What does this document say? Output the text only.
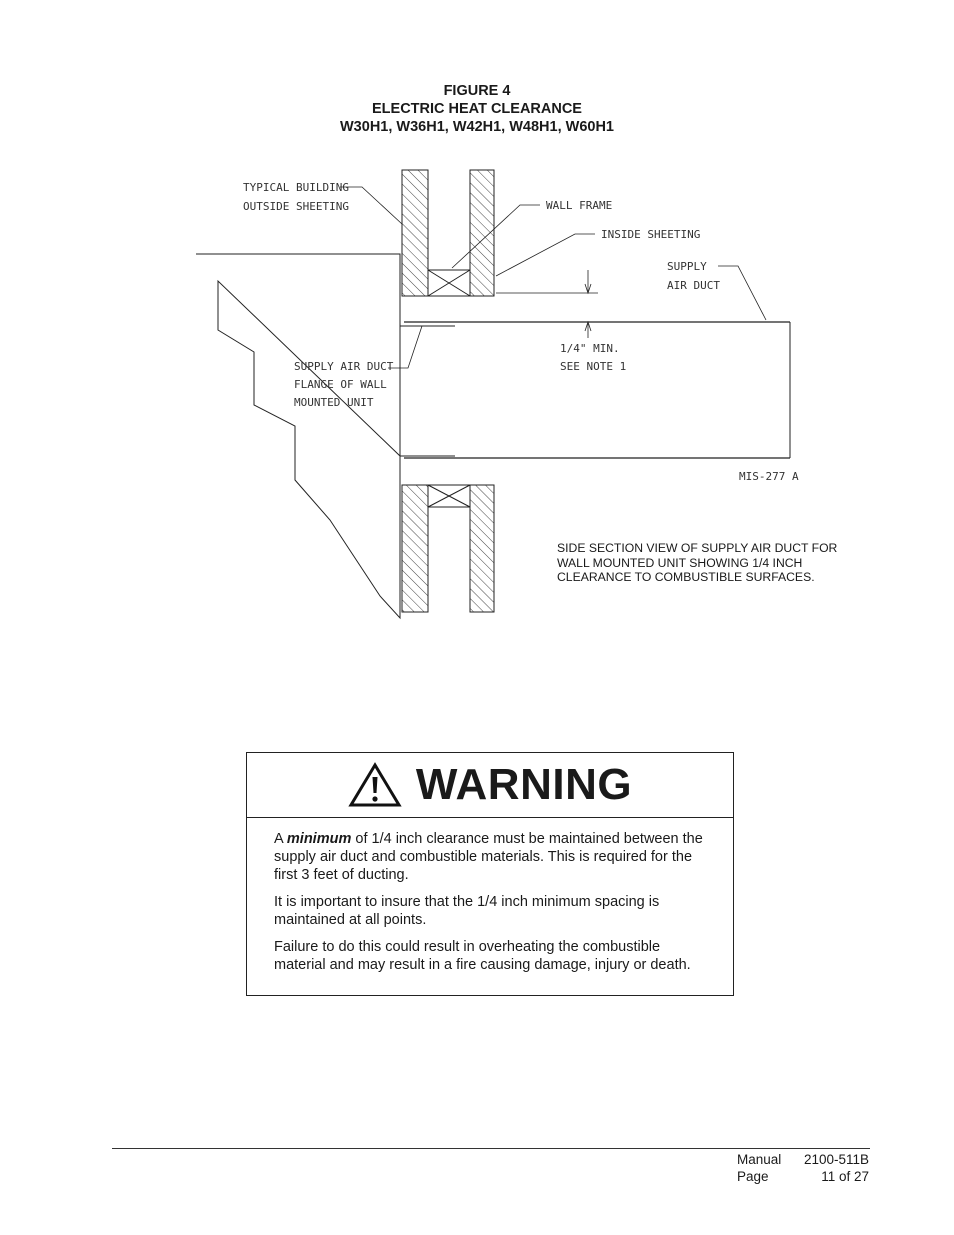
FIGURE 4
ELECTRIC HEAT CLEARANCE
W30H1, W36H1, W42H1, W48H1, W60H1
TYPICAL BUILDING
OUTSIDE SHEETING	WALL FRAME
INSIDE SHEETING
SUPPLY
AIR DUCT
SUPPLY AIR DUCT
FLANGE OF WALL
MOUNTED UNIT
1/4" MIN.
SEE NOTE 1
MIS-277 A
SIDE SECTION VIEW OF SUPPLY AIR DUCT FOR WALL MOUNTED UNIT SHOWING 1/4 INCH CLEARANCE TO COMBUSTIBLE SURFACES.
WARNING

A minimum of 1/4 inch clearance must be maintained between the supply air duct and combustible materials. This is required for the first 3 feet of ducting.

It is important to insure that the 1/4 inch minimum spacing is maintained at all points.

Failure to do this could result in overheating the combustible material and may result in a fire causing damage, injury or death.

Manual	2100-511B
Page	11 of 27
